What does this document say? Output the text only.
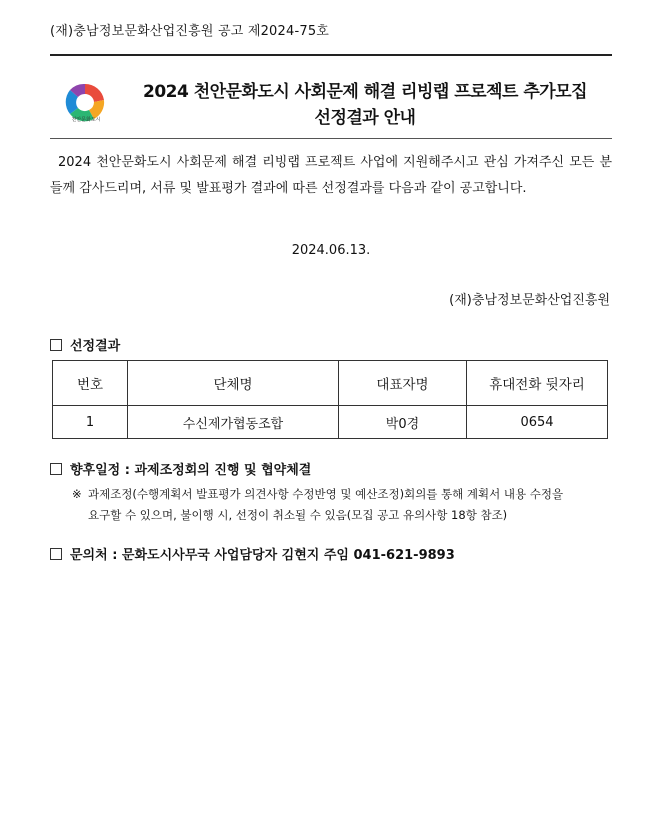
(재)충남정보문화산업진흥원 공고 제2024-75호
천안문화도시
2024 천안문화도시 사회문제 해결 리빙랩 프로젝트 추가모집
선정결과 안내
2024 천안문화도시 사회문제 해결 리빙랩 프로젝트 사업에 지원해주시고 관심 가져주신 모든 분들께 감사드리며, 서류 및 발표평가 결과에 따른 선정결과를 다음과 같이 공고합니다.
2024.06.13.
(재)충남정보문화산업진흥원
선정결과
번호	단체명	대표자명	휴대전화 뒷자리
1	수신제가협동조합	박0경	0654
향후일정 : 과제조정회의 진행 및 협약체결
※ 과제조정(수행계획서 발표평가 의견사항 수정반영 및 예산조정)회의를 통해 계획서 내용 수정을
요구할 수 있으며, 불이행 시, 선정이 취소될 수 있음(모집 공고 유의사항 18항 참조)
문의처 : 문화도시사무국 사업담당자 김현지 주임 041-621-9893
